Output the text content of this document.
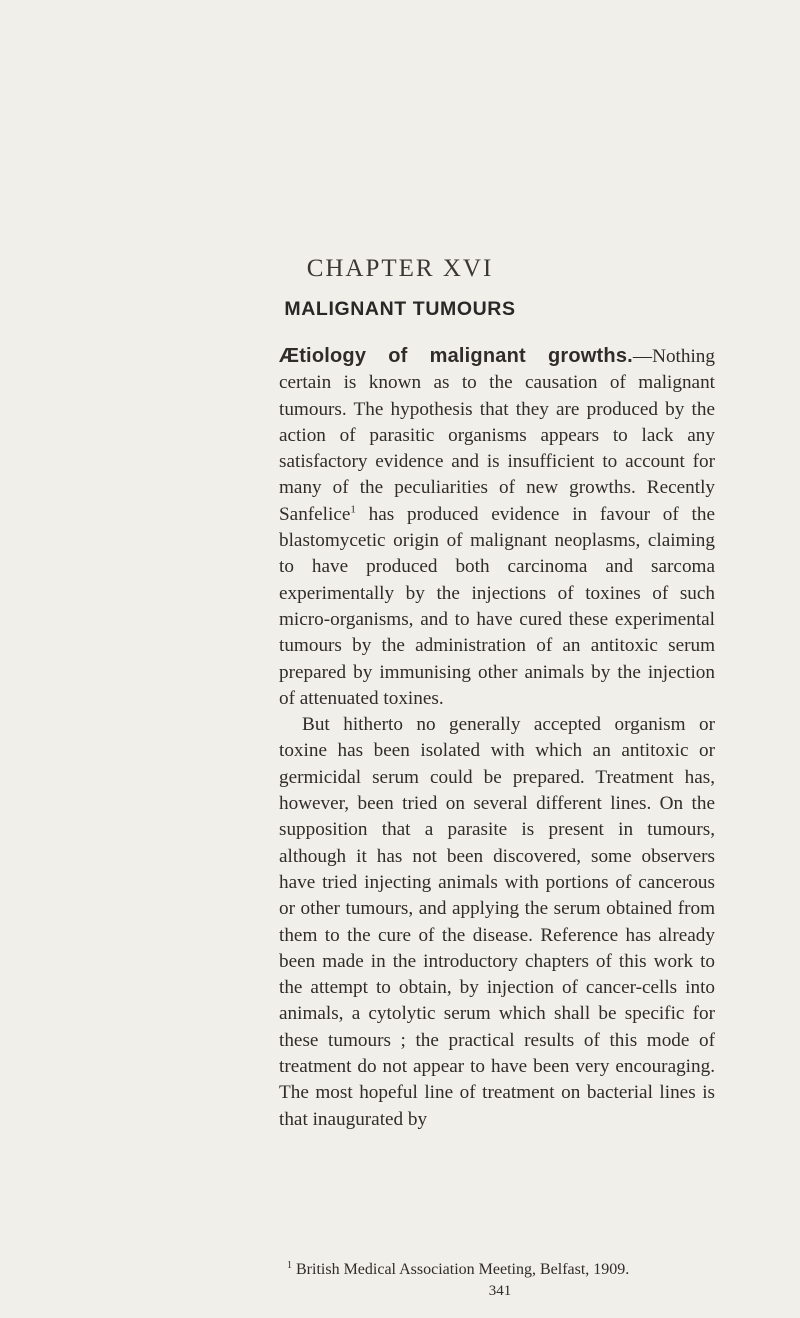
CHAPTER XVI
MALIGNANT TUMOURS

Ætiology of malignant growths.—Nothing certain is known as to the causation of malignant tumours. The hypothesis that they are produced by the action of parasitic organisms appears to lack any satisfactory evidence and is insufficient to account for many of the peculiarities of new growths. Recently Sanfelice$^1$ has produced evidence in favour of the blastomycetic origin of malignant neoplasms, claiming to have produced both carcinoma and sarcoma experimentally by the injections of toxines of such micro-organisms, and to have cured these experimental tumours by the administration of an antitoxic serum prepared by immunising other animals by the injection of attenuated toxines.

But hitherto no generally accepted organism or toxine has been isolated with which an antitoxic or germicidal serum could be prepared. Treatment has, however, been tried on several different lines. On the supposition that a parasite is present in tumours, although it has not been discovered, some observers have tried injecting animals with portions of cancerous or other tumours, and applying the serum obtained from them to the cure of the disease. Reference has already been made in the introductory chapters of this work to the attempt to obtain, by injection of cancer-cells into animals, a cytolytic serum which shall be specific for these tumours ; the practical results of this mode of treatment do not appear to have been very encouraging. The most hopeful line of treatment on bacterial lines is that inaugurated by

$^1$ British Medical Association Meeting, Belfast, 1909.
341
